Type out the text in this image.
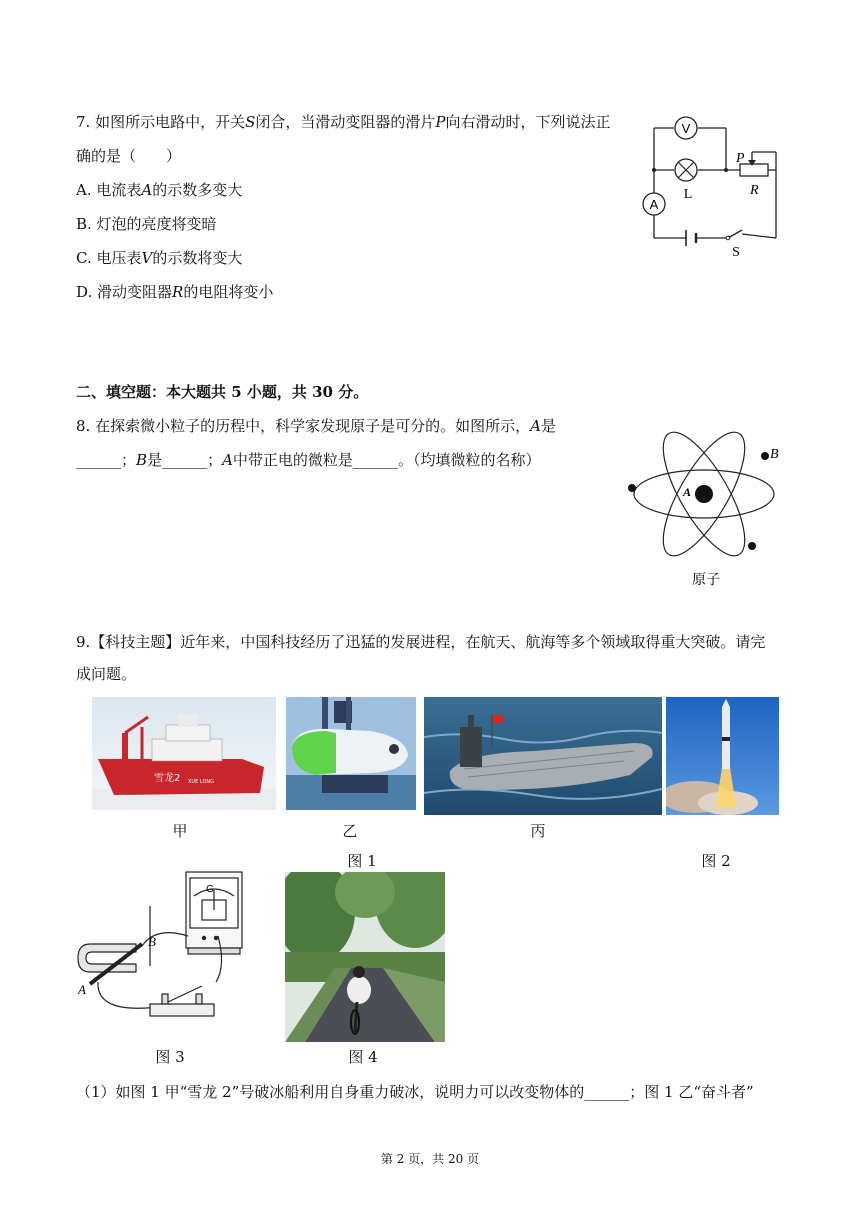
7. 如图所示电路中，开关S闭合，当滑动变阻器的滑片P向右滑动时，下列说法正
确的是（　　）
A. 电流表A的示数多变大
B. 灯泡的亮度将变暗
C. 电压表V的示数将变大
D. 滑动变阻器R的电阻将变小
V
L
A
P
R
S
二、填空题：本大题共 5 小题，共 30 分。
8. 在探索微小粒子的历程中，科学家发现原子是可分的。如图所示，A是
______；B是______；A中带正电的微粒是______。（均填微粒的名称）
A
B
原子
9.【科技主题】近年来，中国科技经历了迅猛的发展进程，在航天、航海等多个领域取得重大突破。请完
成问题。
雪龙2 XUE LONG
甲	乙	丙
图 1	图 2
G
A
B
图 3	图 4
（1）如图 1 甲“雪龙 2”号破冰船利用自身重力破冰，说明力可以改变物体的______；图 1 乙“奋斗者”
第 2 页，共 20 页
